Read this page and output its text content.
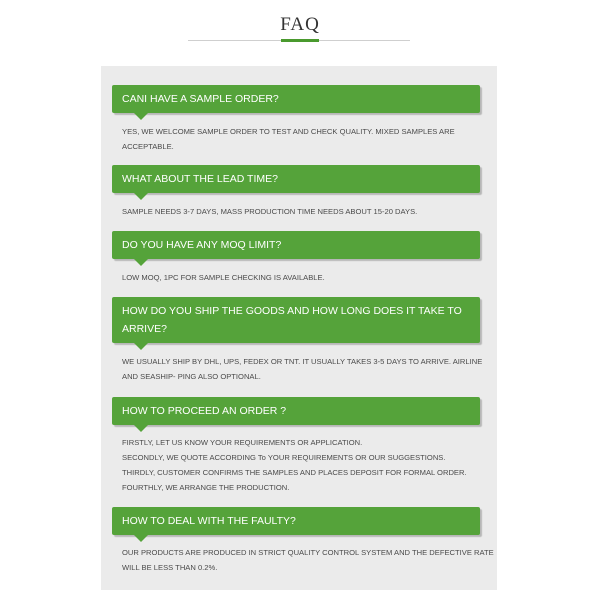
FAQ
CANI HAVE A SAMPLE ORDER?
YES, WE WELCOME SAMPLE ORDER TO TEST AND CHECK QUALITY. MIXED SAMPLES ARE ACCEPTABLE.
WHAT ABOUT THE LEAD TIME?
SAMPLE NEEDS 3-7 DAYS, MASS PRODUCTION TIME NEEDS ABOUT 15-20 DAYS.
DO YOU HAVE ANY MOQ LIMIT?
LOW MOQ, 1PC FOR SAMPLE CHECKING IS AVAILABLE.
HOW DO YOU SHIP THE GOODS AND HOW LONG DOES IT TAKE TO ARRIVE?
WE USUALLY SHIP BY DHL, UPS, FEDEX OR TNT. IT USUALLY TAKES 3-5 DAYS TO ARRIVE. AIRLINE AND SEASHIP- PING ALSO OPTIONAL.
HOW TO PROCEED AN ORDER ?
FIRSTLY, LET US KNOW YOUR REQUIREMENTS OR APPLICATION.
SECONDLY, WE QUOTE ACCORDING To YOUR REQUIREMENTS OR OUR SUGGESTIONS.
THIRDLY, CUSTOMER CONFIRMS THE SAMPLES AND PLACES DEPOSIT FOR FORMAL ORDER. FOURTHLY, WE ARRANGE THE PRODUCTION.
HOW TO DEAL WITH THE FAULTY?
OUR PRODUCTS ARE PRODUCED IN STRICT QUALITY CONTROL SYSTEM AND THE DEFECTIVE RATE WILL BE LESS THAN 0.2%.
